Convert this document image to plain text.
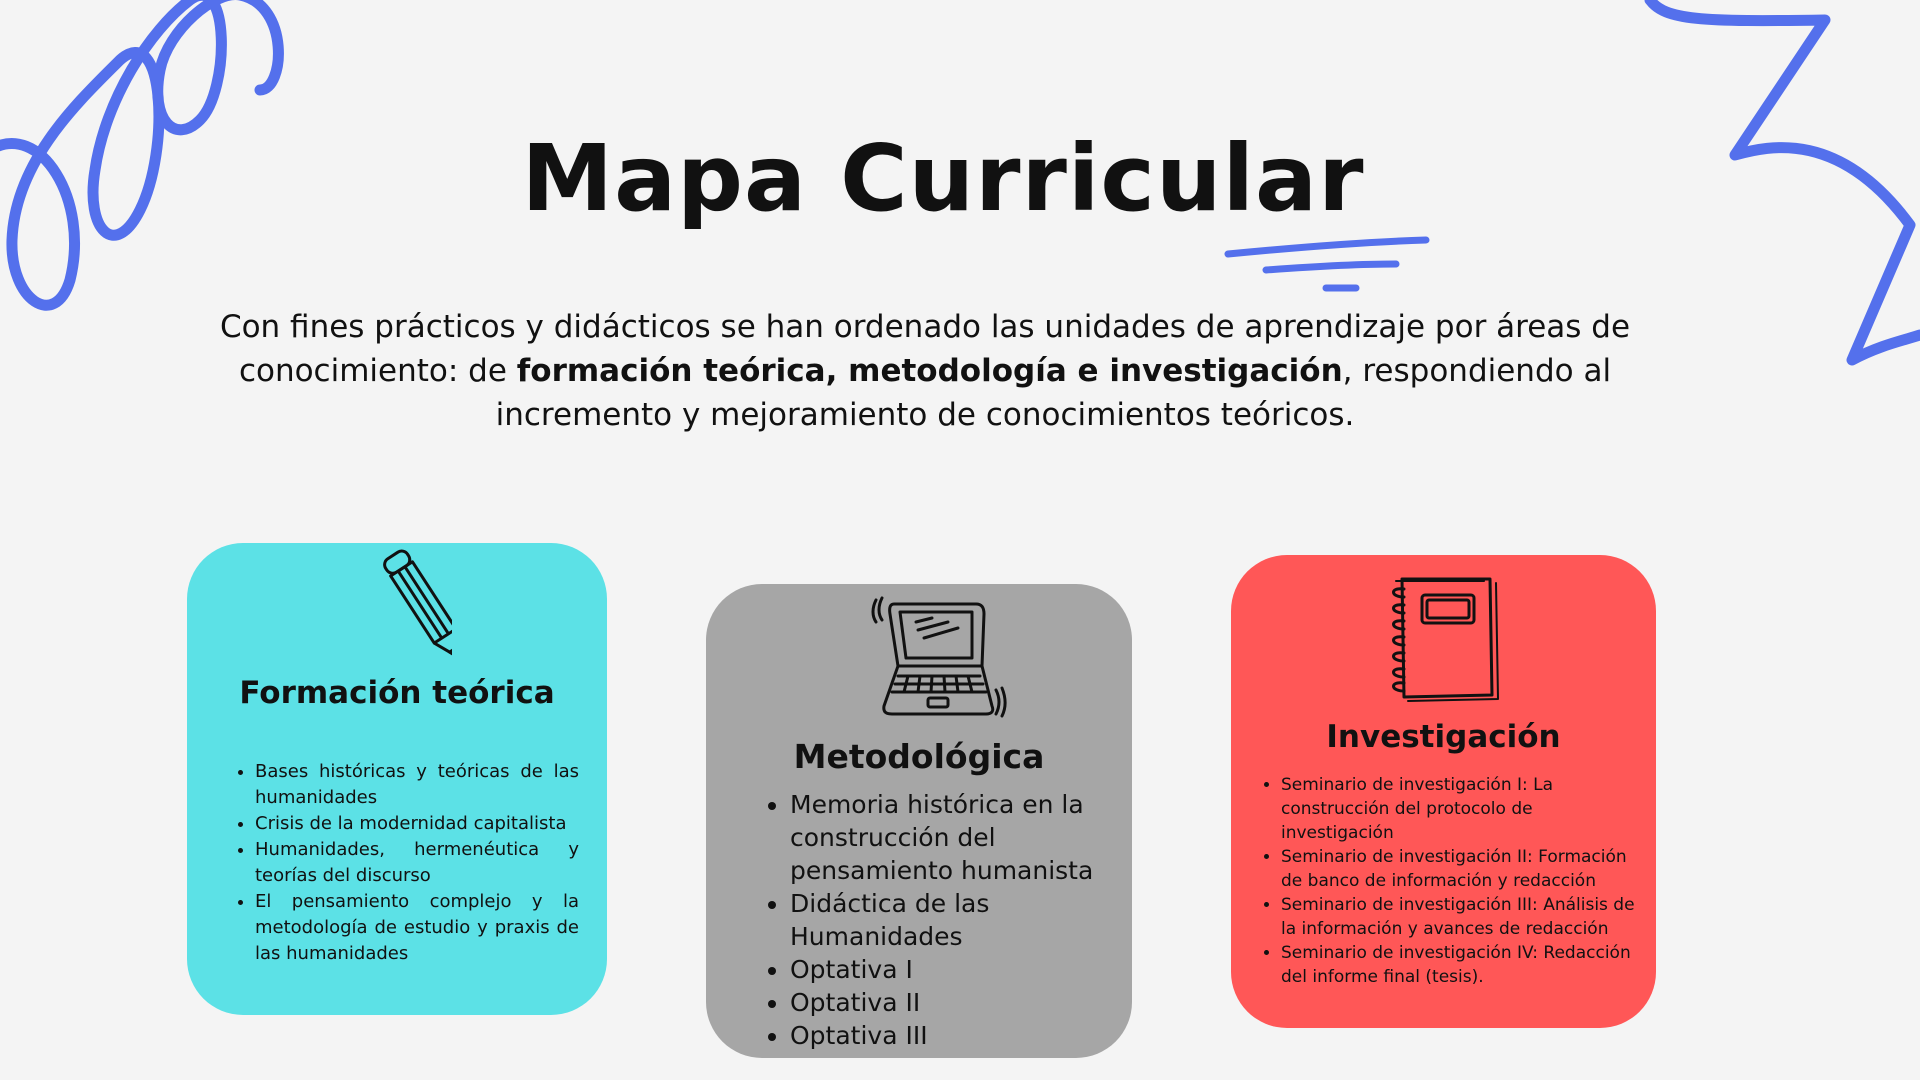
Mapa Curricular

Con fines prácticos y didácticos se han ordenado las unidades de aprendizaje por áreas de conocimiento: de formación teórica, metodología e investigación, respondiendo al incremento y mejoramiento de conocimientos teóricos.

Formación teórica
• Bases históricas y teóricas de las humanidades
• Crisis de la modernidad capitalista
• Humanidades, hermenéutica y teorías del discurso
• El pensamiento complejo y la metodología de estudio y praxis de las humanidades
Metodológica
• Memoria histórica en la construcción del pensamiento humanista
• Didáctica de las Humanidades
• Optativa I
• Optativa II
• Optativa III
Investigación
• Seminario de investigación I: La construcción del protocolo de investigación
• Seminario de investigación II: Formación de banco de información y redacción
• Seminario de investigación III: Análisis de la información y avances de redacción
• Seminario de investigación IV: Redacción del informe final (tesis).
